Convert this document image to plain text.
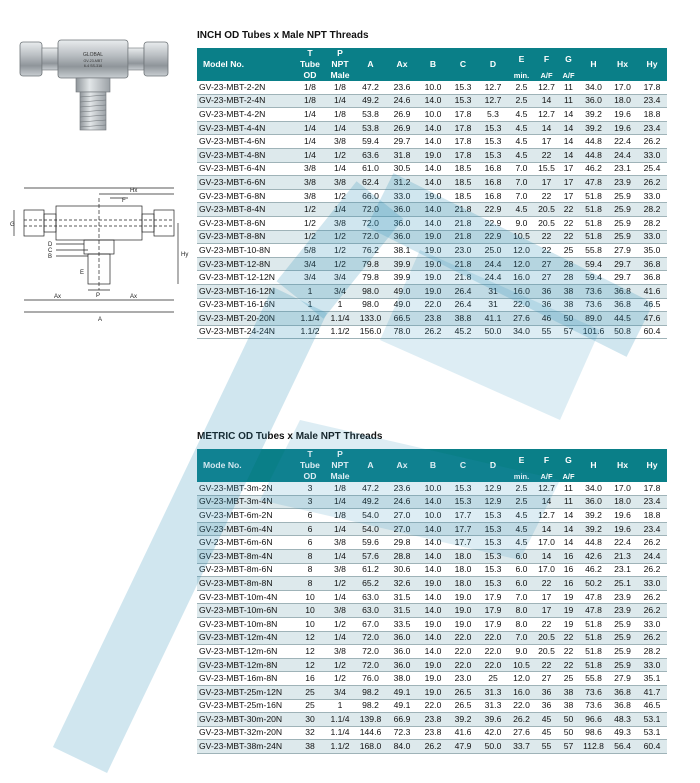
GLOBAL
GV-23-MBT
6-4 SS-316
Hx
F
G
D
C
B
E
P
Hy
Ax	Ax
A
INCH OD Tubes x Male NPT Threads
Model No.	T	P	A	Ax	B	C	D	E	F	G	H	Hx	Hy
	Tube	NPT											
	OD	Male						min.	A/F	A/F			
GV-23-MBT-2-2N	1/8	1/8	47.2	23.6	10.0	15.3	12.7	2.5	12.7	11	34.0	17.0	17.8
GV-23-MBT-2-4N	1/8	1/4	49.2	24.6	14.0	15.3	12.7	2.5	14	11	36.0	18.0	23.4
GV-23-MBT-4-2N	1/4	1/8	53.8	26.9	10.0	17.8	5.3	4.5	12.7	14	39.2	19.6	18.8
GV-23-MBT-4-4N	1/4	1/4	53.8	26.9	14.0	17.8	15.3	4.5	14	14	39.2	19.6	23.4
GV-23-MBT-4-6N	1/4	3/8	59.4	29.7	14.0	17.8	15.3	4.5	17	14	44.8	22.4	26.2
GV-23-MBT-4-8N	1/4	1/2	63.6	31.8	19.0	17.8	15.3	4.5	22	14	44.8	24.4	33.0
GV-23-MBT-6-4N	3/8	1/4	61.0	30.5	14.0	18.5	16.8	7.0	15.5	17	46.2	23.1	25.4
GV-23-MBT-6-6N	3/8	3/8	62.4	31.2	14.0	18.5	16.8	7.0	17	17	47.8	23.9	26.2
GV-23-MBT-6-8N	3/8	1/2	66.0	33.0	19.0	18.5	16.8	7.0	22	17	51.8	25.9	33.0
GV-23-MBT-8-4N	1/2	1/4	72.0	36.0	14.0	21.8	22.9	4.5	20.5	22	51.8	25.9	28.2
GV-23-MBT-8-6N	1/2	3/8	72.0	36.0	14.0	21.8	22.9	9.0	20.5	22	51.8	25.9	28.2
GV-23-MBT-8-8N	1/2	1/2	72.0	36.0	19.0	21.8	22.9	10.5	22	22	51.8	25.9	33.0
GV-23-MBT-10-8N	5/8	1/2	76.2	38.1	19.0	23.0	25.0	12.0	22	25	55.8	27.9	35.0
GV-23-MBT-12-8N	3/4	1/2	79.8	39.9	19.0	21.8	24.4	12.0	27	28	59.4	29.7	36.8
GV-23-MBT-12-12N	3/4	3/4	79.8	39.9	19.0	21.8	24.4	16.0	27	28	59.4	29.7	36.8
GV-23-MBT-16-12N	1	3/4	98.0	49.0	19.0	26.4	31	16.0	36	38	73.6	36.8	41.6
GV-23-MBT-16-16N	1	1	98.0	49.0	22.0	26.4	31	22.0	36	38	73.6	36.8	46.5
GV-23-MBT-20-20N	1.1/4	1.1/4	133.0	66.5	23.8	38.8	41.1	27.6	46	50	89.0	44.5	47.6
GV-23-MBT-24-24N	1.1/2	1.1/2	156.0	78.0	26.2	45.2	50.0	34.0	55	57	101.6	50.8	60.4
METRIC OD Tubes x Male NPT Threads
Mode No.	T	P	A	Ax	B	C	D	E	F	G	H	Hx	Hy
	Tube	NPT											
	OD	Male						min.	A/F	A/F			
GV-23-MBT-3m-2N	3	1/8	47.2	23.6	10.0	15.3	12.9	2.5	12.7	11	34.0	17.0	17.8
GV-23-MBT-3m-4N	3	1/4	49.2	24.6	14.0	15.3	12.9	2.5	14	11	36.0	18.0	23.4
GV-23-MBT-6m-2N	6	1/8	54.0	27.0	10.0	17.7	15.3	4.5	12.7	14	39.2	19.6	18.8
GV-23-MBT-6m-4N	6	1/4	54.0	27.0	14.0	17.7	15.3	4.5	14	14	39.2	19.6	23.4
GV-23-MBT-6m-6N	6	3/8	59.6	29.8	14.0	17.7	15.3	4.5	17.0	14	44.8	22.4	26.2
GV-23-MBT-8m-4N	8	1/4	57.6	28.8	14.0	18.0	15.3	6.0	14	16	42.6	21.3	24.4
GV-23-MBT-8m-6N	8	3/8	61.2	30.6	14.0	18.0	15.3	6.0	17.0	16	46.2	23.1	26.2
GV-23-MBT-8m-8N	8	1/2	65.2	32.6	19.0	18.0	15.3	6.0	22	16	50.2	25.1	33.0
GV-23-MBT-10m-4N	10	1/4	63.0	31.5	14.0	19.0	17.9	7.0	17	19	47.8	23.9	26.2
GV-23-MBT-10m-6N	10	3/8	63.0	31.5	14.0	19.0	17.9	8.0	17	19	47.8	23.9	26.2
GV-23-MBT-10m-8N	10	1/2	67.0	33.5	19.0	19.0	17.9	8.0	22	19	51.8	25.9	33.0
GV-23-MBT-12m-4N	12	1/4	72.0	36.0	14.0	22.0	22.0	7.0	20.5	22	51.8	25.9	26.2
GV-23-MBT-12m-6N	12	3/8	72.0	36.0	14.0	22.0	22.0	9.0	20.5	22	51.8	25.9	28.2
GV-23-MBT-12m-8N	12	1/2	72.0	36.0	19.0	22.0	22.0	10.5	22	22	51.8	25.9	33.0
GV-23-MBT-16m-8N	16	1/2	76.0	38.0	19.0	23.0	25	12.0	27	25	55.8	27.9	35.1
GV-23-MBT-25m-12N	25	3/4	98.2	49.1	19.0	26.5	31.3	16.0	36	38	73.6	36.8	41.7
GV-23-MBT-25m-16N	25	1	98.2	49.1	22.0	26.5	31.3	22.0	36	38	73.6	36.8	46.5
GV-23-MBT-30m-20N	30	1.1/4	139.8	66.9	23.8	39.2	39.6	26.2	45	50	96.6	48.3	53.1
GV-23-MBT-32m-20N	32	1.1/4	144.6	72.3	23.8	41.6	42.0	27.6	45	50	98.6	49.3	53.1
GV-23-MBT-38m-24N	38	1.1/2	168.0	84.0	26.2	47.9	50.0	33.7	55	57	112.8	56.4	60.4
